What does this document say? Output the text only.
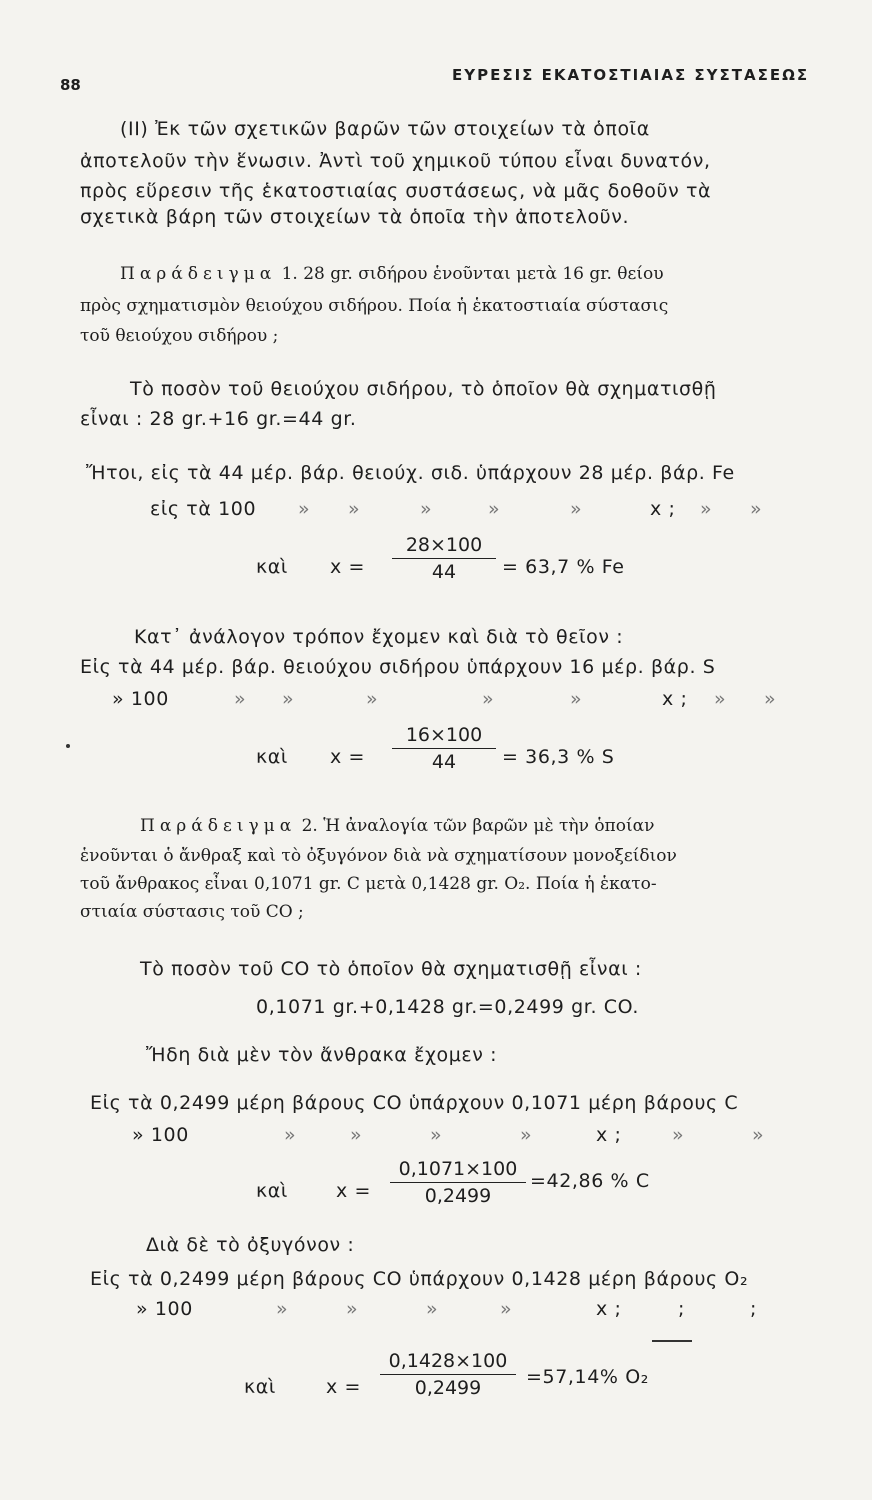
88
ΕΥΡΕΣΙΣ ΕΚΑΤΟΣΤΙΑΙΑΣ ΣΥΣΤΑΣΕΩΣ
(ΙΙ) Ἐκ τῶν σχετικῶν βαρῶν τῶν στοιχείων τὰ ὁποῖα
ἀποτελοῦν τὴν ἕνωσιν. Ἀντὶ τοῦ χημικοῦ τύπου εἶναι δυνατόν,
πρὸς εὕρεσιν τῆς ἑκατοστιαίας συστάσεως, νὰ μᾶς δοθοῦν τὰ
σχετικὰ βάρη τῶν στοιχείων τὰ ὁποῖα τὴν ἀποτελοῦν.
Παράδειγμα 1. 28 gr. σιδήρου ἑνοῦνται μετὰ 16 gr. θείου
πρὸς σχηματισμὸν θειούχου σιδήρου. Ποία ἡ ἑκατοστιαία σύστασις
τοῦ θειούχου σιδήρου ;
Τὸ ποσὸν τοῦ θειούχου σιδήρου, τὸ ὁποῖον θὰ σχηματισθῇ
εἶναι : 28 gr.+16 gr.=44 gr.
Ἤτοι, εἰς τὰ 44 μέρ. βάρ. θειούχ. σιδ. ὑπάρχουν 28 μέρ. βάρ. Fe
εἰς τὰ 100 » »	»	»	»	x ; » »
καὶ $x = \frac{28\times 100}{44} = 63,7$ % Fe
Κατ᾿ ἀνάλογον τρόπον ἔχομεν καὶ διὰ τὸ θεῖον :
Εἰς τὰ 44 μέρ. βάρ. θειούχου σιδήρου ὑπάρχουν 16 μέρ. βάρ. S
» 100	» »	»	»	»	x ; » »
καὶ $x = \frac{16\times 100}{44} = 36,3$ % S
Παράδειγμα 2. Ἡ ἀναλογία τῶν βαρῶν μὲ τὴν ὁποίαν
ἑνοῦνται ὁ ἄνθραξ καὶ τὸ ὀξυγόνον διὰ νὰ σχηματίσουν μονοξείδιον
τοῦ ἄνθρακος εἶναι 0,1071 gr. C μετὰ 0,1428 gr. O₂. Ποία ἡ ἑκατο-
στιαία σύστασις τοῦ CO ;
Τὸ ποσὸν τοῦ CO τὸ ὁποῖον θὰ σχηματισθῇ εἶναι :
0,1071 gr.+0,1428 gr.=0,2499 gr. CO.
Ἤδη διὰ μὲν τὸν ἄνθρακα ἔχομεν :
Εἰς τὰ 0,2499 μέρη βάρους CO ὑπάρχουν 0,1071 μέρη βάρους C
» 100	»	»	»	»	x ;	»	»
καὶ	$x = \frac{0,1071\times 100}{0,2499} =42,86$ % C
Διὰ δὲ τὸ ὀξυγόνον :
Εἰς τὰ 0,2499 μέρη βάρους CO ὑπάρχουν 0,1428 μέρη βάρους O₂
» 100	»	»	»	»	x ;	;	;
καὶ	$x = \frac{0,1428\times 100}{0,2499} =57,14\%$ O₂
